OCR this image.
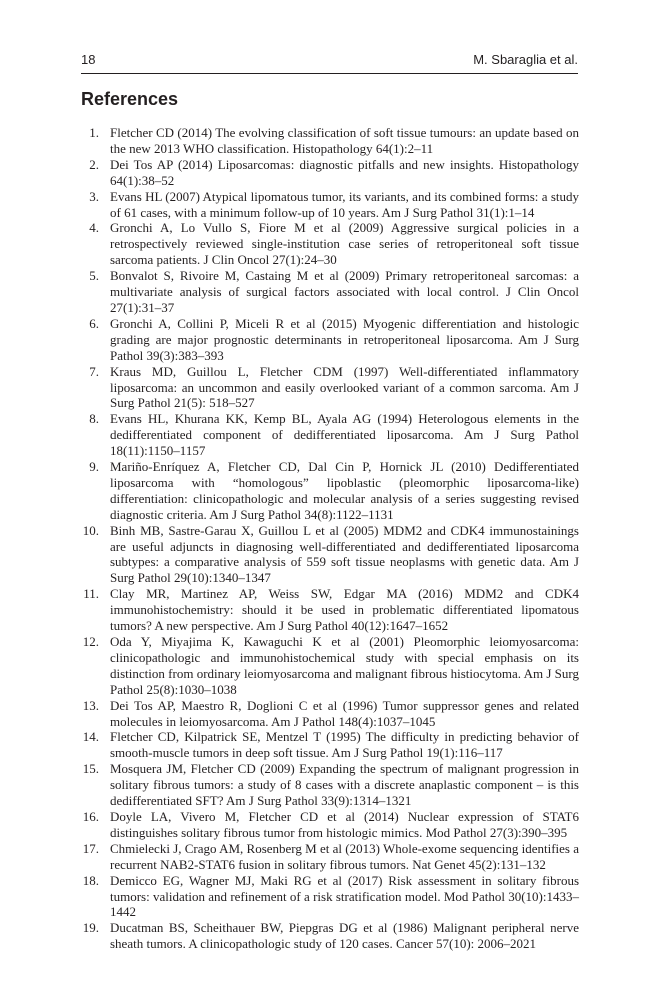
18	M. Sbaraglia et al.
References
1. Fletcher CD (2014) The evolving classification of soft tissue tumours: an update based on the new 2013 WHO classification. Histopathology 64(1):2–11
2. Dei Tos AP (2014) Liposarcomas: diagnostic pitfalls and new insights. Histopathology 64(1):38–52
3. Evans HL (2007) Atypical lipomatous tumor, its variants, and its combined forms: a study of 61 cases, with a minimum follow-up of 10 years. Am J Surg Pathol 31(1):1–14
4. Gronchi A, Lo Vullo S, Fiore M et al (2009) Aggressive surgical policies in a retrospectively reviewed single-institution case series of retroperitoneal soft tissue sarcoma patients. J Clin Oncol 27(1):24–30
5. Bonvalot S, Rivoire M, Castaing M et al (2009) Primary retroperitoneal sarcomas: a multivariate analysis of surgical factors associated with local control. J Clin Oncol 27(1):31–37
6. Gronchi A, Collini P, Miceli R et al (2015) Myogenic differentiation and histologic grading are major prognostic determinants in retroperitoneal liposarcoma. Am J Surg Pathol 39(3):383–393
7. Kraus MD, Guillou L, Fletcher CDM (1997) Well-differentiated inflammatory liposarcoma: an uncommon and easily overlooked variant of a common sarcoma. Am J Surg Pathol 21(5): 518–527
8. Evans HL, Khurana KK, Kemp BL, Ayala AG (1994) Heterologous elements in the dedifferentiated component of dedifferentiated liposarcoma. Am J Surg Pathol 18(11):1150–1157
9. Mariño-Enríquez A, Fletcher CD, Dal Cin P, Hornick JL (2010) Dedifferentiated liposarcoma with “homologous” lipoblastic (pleomorphic liposarcoma-like) differentiation: clinicopathologic and molecular analysis of a series suggesting revised diagnostic criteria. Am J Surg Pathol 34(8):1122–1131
10. Binh MB, Sastre-Garau X, Guillou L et al (2005) MDM2 and CDK4 immunostainings are useful adjuncts in diagnosing well-differentiated and dedifferentiated liposarcoma subtypes: a comparative analysis of 559 soft tissue neoplasms with genetic data. Am J Surg Pathol 29(10):1340–1347
11. Clay MR, Martinez AP, Weiss SW, Edgar MA (2016) MDM2 and CDK4 immunohistochemistry: should it be used in problematic differentiated lipomatous tumors? A new perspective. Am J Surg Pathol 40(12):1647–1652
12. Oda Y, Miyajima K, Kawaguchi K et al (2001) Pleomorphic leiomyosarcoma: clinicopathologic and immunohistochemical study with special emphasis on its distinction from ordinary leiomyosarcoma and malignant fibrous histiocytoma. Am J Surg Pathol 25(8):1030–1038
13. Dei Tos AP, Maestro R, Doglioni C et al (1996) Tumor suppressor genes and related molecules in leiomyosarcoma. Am J Pathol 148(4):1037–1045
14. Fletcher CD, Kilpatrick SE, Mentzel T (1995) The difficulty in predicting behavior of smooth-muscle tumors in deep soft tissue. Am J Surg Pathol 19(1):116–117
15. Mosquera JM, Fletcher CD (2009) Expanding the spectrum of malignant progression in solitary fibrous tumors: a study of 8 cases with a discrete anaplastic component – is this dedifferentiated SFT? Am J Surg Pathol 33(9):1314–1321
16. Doyle LA, Vivero M, Fletcher CD et al (2014) Nuclear expression of STAT6 distinguishes solitary fibrous tumor from histologic mimics. Mod Pathol 27(3):390–395
17. Chmielecki J, Crago AM, Rosenberg M et al (2013) Whole-exome sequencing identifies a recurrent NAB2-STAT6 fusion in solitary fibrous tumors. Nat Genet 45(2):131–132
18. Demicco EG, Wagner MJ, Maki RG et al (2017) Risk assessment in solitary fibrous tumors: validation and refinement of a risk stratification model. Mod Pathol 30(10):1433–1442
19. Ducatman BS, Scheithauer BW, Piepgras DG et al (1986) Malignant peripheral nerve sheath tumors. A clinicopathologic study of 120 cases. Cancer 57(10): 2006–2021
